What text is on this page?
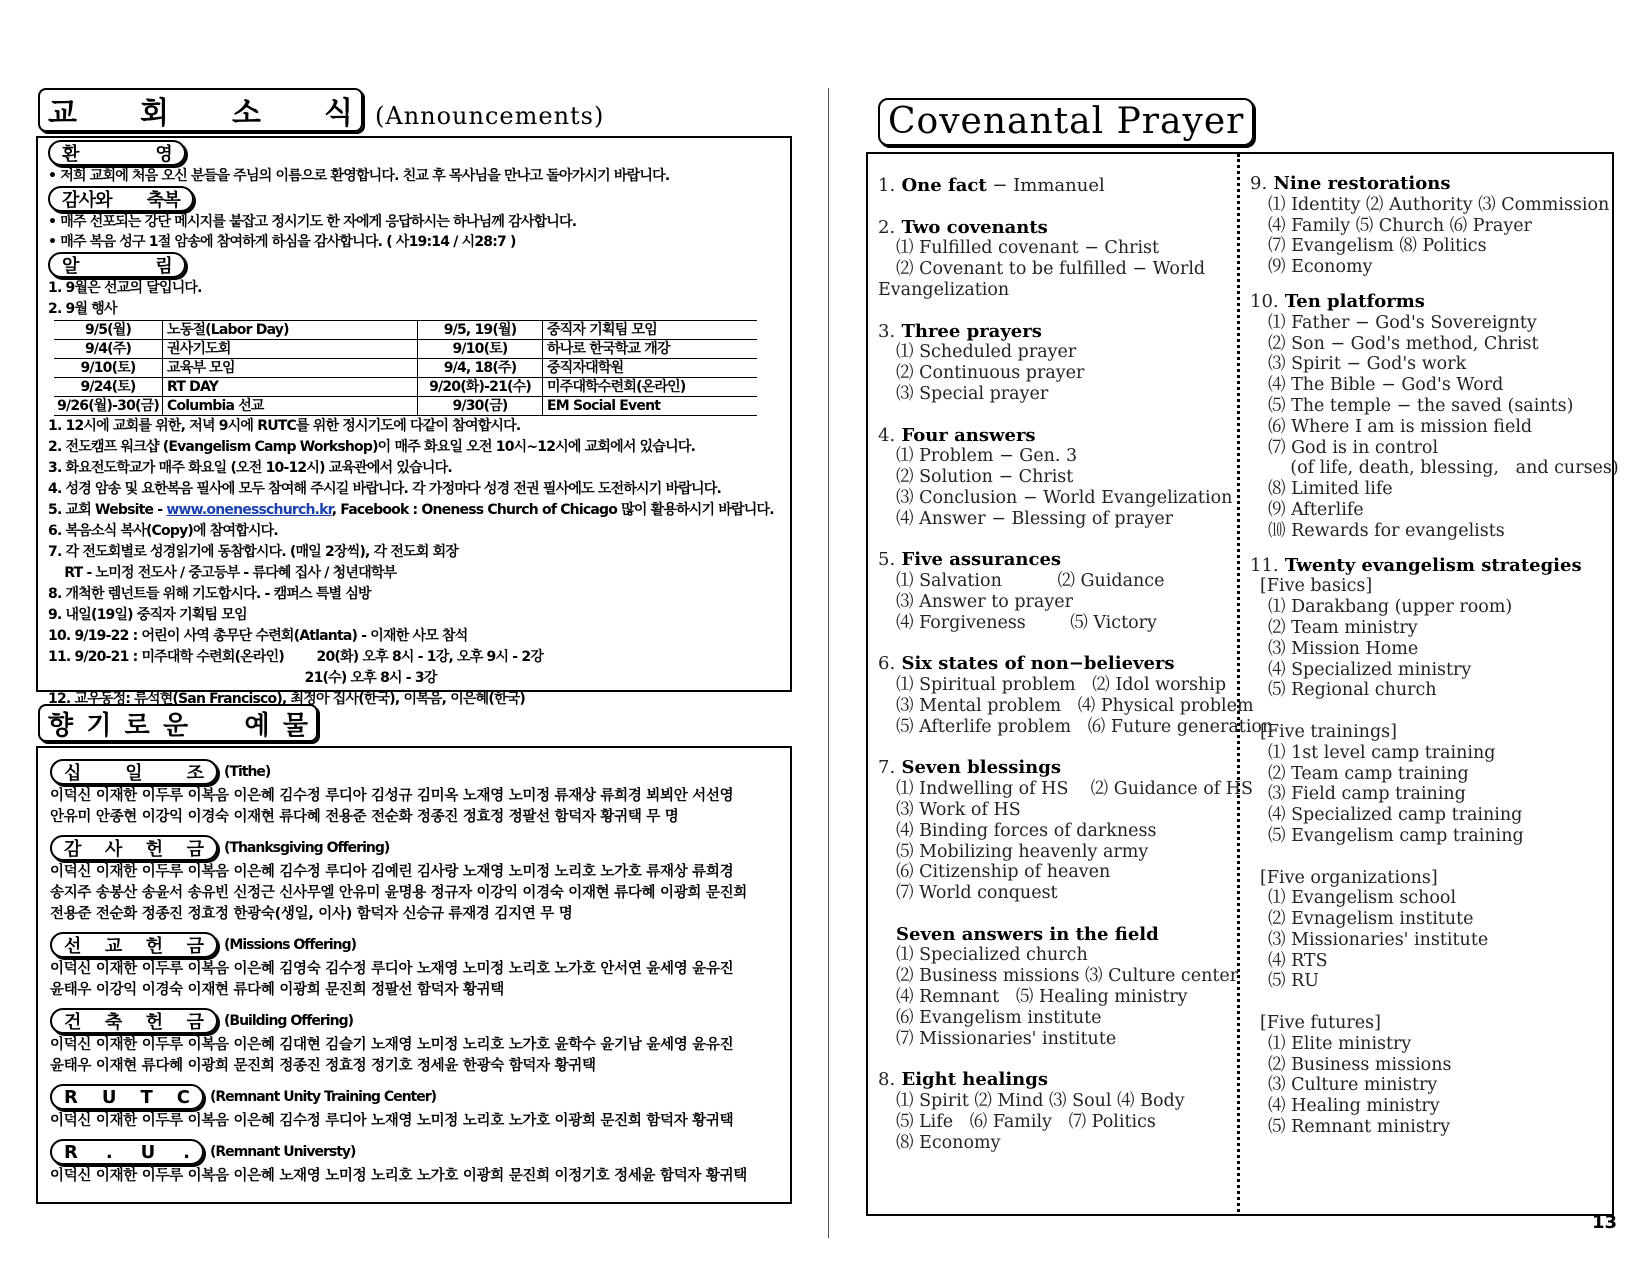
교 회 소 식 (Announcements)
환	영
• 저희 교회에 처음 오신 분들을 주님의 이름으로 환영합니다. 친교 후 목사님을 만나고 돌아가시기 바랍니다.
감사와 축복
• 매주 선포되는 강단 메시지를 붙잡고 정시기도 한 자에게 응답하시는 하나님께 감사합니다.
• 매주 복음 성구 1절 암송에 참여하게 하심을 감사합니다. ( 사19:14 / 시28:7 )
알	림
1. 9월은 선교의 달입니다.
2. 9월 행사
9/5(월)	노동절(Labor Day)	9/5, 19(월)	중직자 기획팀 모임
9/4(주)	권사기도회	9/10(토)	하나로 한국학교 개강
9/10(토)	교육부 모임	9/4, 18(주)	중직자대학원
9/24(토)	RT DAY	9/20(화)-21(수)	미주대학수련회(온라인)
9/26(월)-30(금)	Columbia 선교	9/30(금)	EM Social Event
1. 12시에 교회를 위한, 저녁 9시에 RUTC를 위한 정시기도에 다같이 참여합시다.
2. 전도캠프 워크샵 (Evangelism Camp Workshop)이 매주 화요일 오전 10시~12시에 교회에서 있습니다.
3. 화요전도학교가 매주 화요일 (오전 10-12시) 교육관에서 있습니다.
4. 성경 암송 및 요한복음 필사에 모두 참여해 주시길 바랍니다. 각 가정마다 성경 전권 필사에도 도전하시기 바랍니다.
5. 교회 Website - www.onenesschurch.kr, Facebook : Oneness Church of Chicago 많이 활용하시기 바랍니다.
6. 복음소식 복사(Copy)에 참여합시다.
7. 각 전도회별로 성경읽기에 동참합시다. (매일 2장씩), 각 전도회 회장
RT - 노미정 전도사 / 중고등부 - 류다혜 집사 / 청년대학부
8. 개척한 렘넌트들 위해 기도합시다. - 캠퍼스 특별 심방
9. 내일(19일) 중직자 기획팀 모임
10. 9/19-22 : 어린이 사역 총무단 수련회(Atlanta) - 이재한 사모 참석
11. 9/20-21 : 미주대학 수련회(온라인)        20(화) 오후 8시 - 1강, 오후 9시 - 2강
21(수) 오후 8시 - 3강
12. 교우동정: 류석현(San Francisco), 최정아 집사(한국), 이복음, 이은혜(한국)
향 기 로 운 예 물
십 일 조 (Tithe)
이덕신 이재한 이두루 이복음 이은혜 김수정 루디아 김성규 김미옥 노재영 노미정 류재상 류희경 뵈뵈안 서선영
안유미 안종현 이강익 이경숙 이재현 류다혜 전용준 전순화 정종진 정효정 정팔선 함덕자 황귀택 무 명
감 사 헌 금 (Thanksgiving Offering)
이덕신 이재한 이두루 이복음 이은혜 김수정 루디아 김예린 김사랑 노재영 노미정 노리호 노가호 류재상 류희경
송지주 송봉산 송윤서 송유빈 신정근 신사무엘 안유미 윤명용 정규자 이강익 이경숙 이재현 류다혜 이광희 문진희
전용준 전순화 정종진 정효정 한광숙(생일, 이사) 함덕자 신승규 류재경 김지연 무 명
선 교 헌 금 (Missions Offering)
이덕신 이재한 이두루 이복음 이은혜 김영숙 김수정 루디아 노재영 노미정 노리호 노가호 안서연 윤세영 윤유진
윤태우 이강익 이경숙 이재현 류다혜 이광희 문진희 정팔선 함덕자 황귀택
건 축 헌 금 (Building Offering)
이덕신 이재한 이두루 이복음 이은혜 김대현 김슬기 노재영 노미정 노리호 노가호 윤학수 윤기남 윤세영 윤유진
윤태우 이재현 류다혜 이광희 문진희 정종진 정효정 정기호 정세윤 한광숙 함덕자 황귀택
R U T C (Remnant Unity Training Center)
이덕신 이재한 이두루 이복음 이은혜 김수정 루디아 노재영 노미정 노리호 노가호 이광희 문진희 함덕자 황귀택
R . U . (Remnant Universty)
이덕신 이재한 이두루 이복음 이은혜 노재영 노미정 노리호 노가호 이광희 문진희 이정기호 정세윤 함덕자 황귀택
Covenantal Prayer
1. One fact − Immanuel
2. Two covenants
⑴ Fulfilled covenant − Christ
⑵ Covenant to be fulfilled − World
Evangelization
3. Three prayers
⑴ Scheduled prayer
⑵ Continuous prayer
⑶ Special prayer
4. Four answers
⑴ Problem − Gen. 3
⑵ Solution − Christ
⑶ Conclusion − World Evangelization
⑷ Answer − Blessing of prayer
5. Five assurances
⑴ Salvation          ⑵ Guidance
⑶ Answer to prayer
⑷ Forgiveness        ⑸ Victory
6. Six states of non−believers
⑴ Spiritual problem   ⑵ Idol worship
⑶ Mental problem   ⑷ Physical problem
⑸ Afterlife problem   ⑹ Future generation
7. Seven blessings
⑴ Indwelling of HS    ⑵ Guidance of HS
⑶ Work of HS
⑷ Binding forces of darkness
⑸ Mobilizing heavenly army
⑹ Citizenship of heaven
⑺ World conquest
Seven answers in the field
⑴ Specialized church
⑵ Business missions ⑶ Culture center
⑷ Remnant   ⑸ Healing ministry
⑹ Evangelism institute
⑺ Missionaries' institute
8. Eight healings
⑴ Spirit ⑵ Mind ⑶ Soul ⑷ Body
⑸ Life   ⑹ Family   ⑺ Politics
⑻ Economy
9. Nine restorations
⑴ Identity ⑵ Authority ⑶ Commission
⑷ Family ⑸ Church ⑹ Prayer
⑺ Evangelism ⑻ Politics
⑼ Economy
10. Ten platforms
⑴ Father − God's Sovereignty
⑵ Son − God's method, Christ
⑶ Spirit − God's work
⑷ The Bible − God's Word
⑸ The temple − the saved (saints)
⑹ Where I am is mission field
⑺ God is in control
(of life, death, blessing,   and curses)
⑻ Limited life
⑼ Afterlife
⑽ Rewards for evangelists
11. Twenty evangelism strategies
[Five basics]
⑴ Darakbang (upper room)
⑵ Team ministry
⑶ Mission Home
⑷ Specialized ministry
⑸ Regional church
[Five trainings]
⑴ 1st level camp training
⑵ Team camp training
⑶ Field camp training
⑷ Specialized camp training
⑸ Evangelism camp training
[Five organizations]
⑴ Evangelism school
⑵ Evnagelism institute
⑶ Missionaries' institute
⑷ RTS
⑸ RU
[Five futures]
⑴ Elite ministry
⑵ Business missions
⑶ Culture ministry
⑷ Healing ministry
⑸ Remnant ministry
13
